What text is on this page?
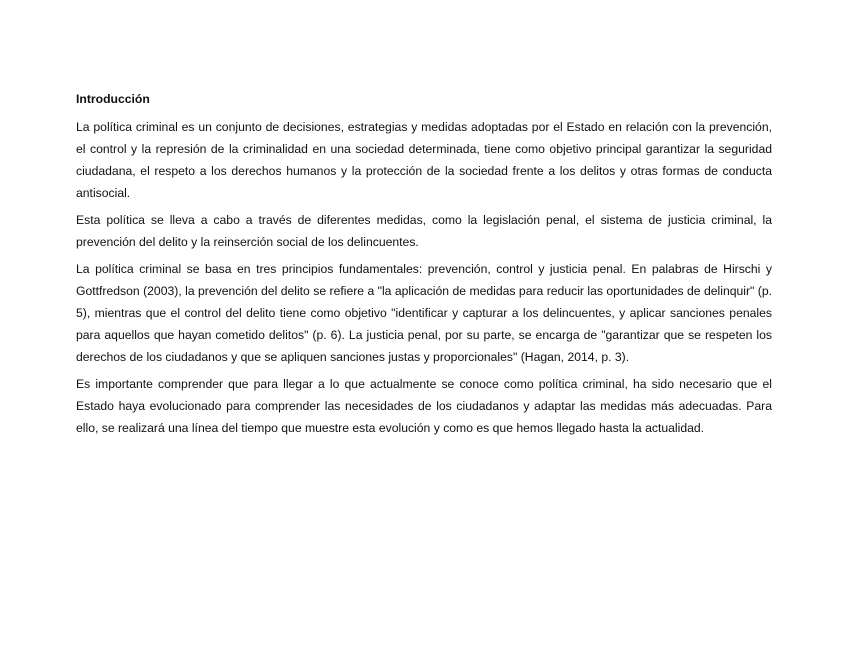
Introducción

La política criminal es un conjunto de decisiones, estrategias y medidas adoptadas por el Estado en relación con la prevención, el control y la represión de la criminalidad en una sociedad determinada, tiene como objetivo principal garantizar la seguridad ciudadana, el respeto a los derechos humanos y la protección de la sociedad frente a los delitos y otras formas de conducta antisocial.

Esta política se lleva a cabo a través de diferentes medidas, como la legislación penal, el sistema de justicia criminal, la prevención del delito y la reinserción social de los delincuentes.

La política criminal se basa en tres principios fundamentales: prevención, control y justicia penal. En palabras de Hirschi y Gottfredson (2003), la prevención del delito se refiere a "la aplicación de medidas para reducir las oportunidades de delinquir" (p. 5), mientras que el control del delito tiene como objetivo "identificar y capturar a los delincuentes, y aplicar sanciones penales para aquellos que hayan cometido delitos" (p. 6). La justicia penal, por su parte, se encarga de "garantizar que se respeten los derechos de los ciudadanos y que se apliquen sanciones justas y proporcionales" (Hagan, 2014, p. 3).

Es importante comprender que para llegar a lo que actualmente se conoce como política criminal, ha sido necesario que el Estado haya evolucionado para comprender las necesidades de los ciudadanos y adaptar las medidas más adecuadas. Para ello, se realizará una línea del tiempo que muestre esta evolución y como es que hemos llegado hasta la actualidad.
